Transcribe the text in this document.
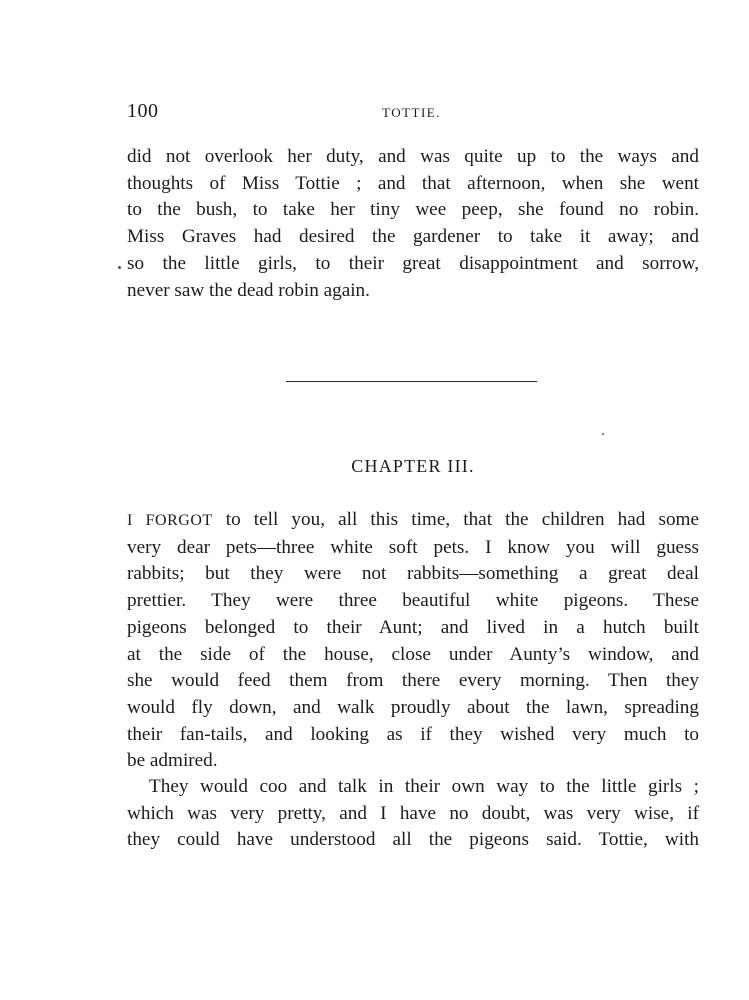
100	TOTTIE.
did not overlook her duty, and was quite up to the ways and
thoughts of Miss Tottie ; and that afternoon, when she went
to the bush, to take her tiny wee peep, she found no robin.
Miss Graves had desired the gardener to take it away; and
so the little girls, to their great disappointment and sorrow,
never saw the dead robin again.
CHAPTER III.
I FORGOT to tell you, all this time, that the children had some
very dear pets—three white soft pets. I know you will guess
rabbits; but they were not rabbits—something a great deal
prettier. They were three beautiful white pigeons. These
pigeons belonged to their Aunt; and lived in a hutch built
at the side of the house, close under Aunty’s window, and
she would feed them from there every morning. Then they
would fly down, and walk proudly about the lawn, spreading
their fan-tails, and looking as if they wished very much to
be admired.
They would coo and talk in their own way to the little girls ;
which was very pretty, and I have no doubt, was very wise, if
they could have understood all the pigeons said. Tottie, with
